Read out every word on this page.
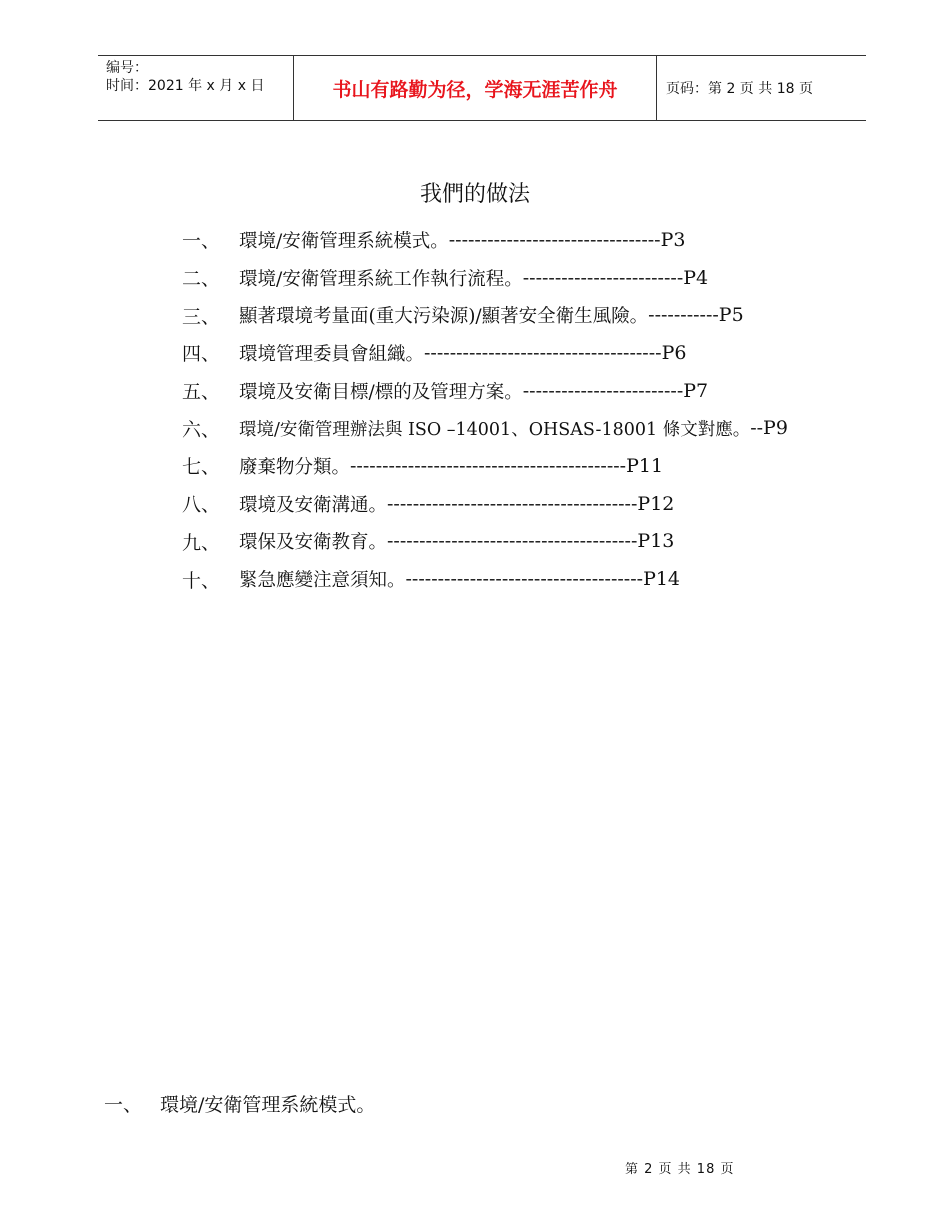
编号：
时间：2021 年 x 月 x 日	书山有路勤为径，学海无涯苦作舟	页码：第 2 页 共 18 页
我們的做法
一、	環境/安衛管理系統模式。 --------------------------------- P3
二、	環境/安衛管理系統工作執行流程。 ------------------------- P4
三、	顯著環境考量面(重大污染源)/顯著安全衛生風險。 ----------- P5
四、	環境管理委員會組織。 ------------------------------------- P6
五、	環境及安衛目標/標的及管理方案。 ------------------------- P7
六、	環境/安衛管理辦法與 ISO –14001、OHSAS-18001 條文對應。 -- P9
七、	廢棄物分類。 ------------------------------------------- P11
八、	環境及安衛溝通。 --------------------------------------- P12
九、	環保及安衛教育。 --------------------------------------- P13
十、	緊急應變注意須知。 ------------------------------------- P14
一、 環境/安衛管理系統模式。
第 2 页 共 18 页
